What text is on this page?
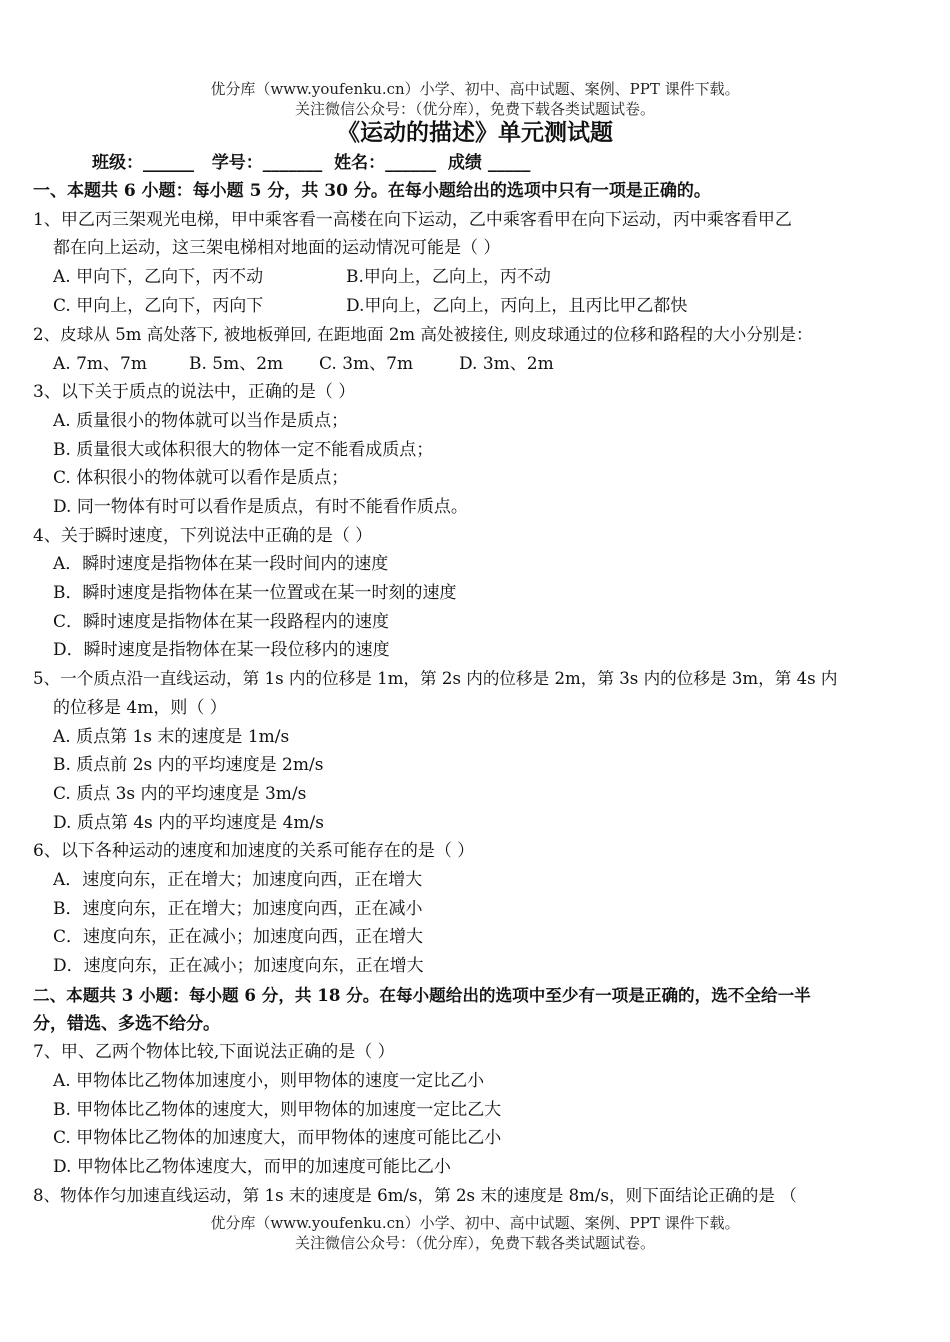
优分库（www.youfenku.cn）小学、初中、高中试题、案例、PPT 课件下载。
关注微信公众号：（优分库），免费下载各类试题试卷。
《运动的描述》单元测试题
班级：______   学号：_______  姓名：______  成绩 _____
一、本题共 6 小题：每小题 5 分，共 30 分。在每小题给出的选项中只有一项是正确的。
1、甲乙丙三架观光电梯，甲中乘客看一高楼在向下运动，乙中乘客看甲在向下运动，丙中乘客看甲乙
都在向上运动，这三架电梯相对地面的运动情况可能是（ ）
A. 甲向下，乙向下，丙不动	B.甲向上，乙向上，丙不动
C. 甲向上，乙向下，丙向下	D.甲向上，乙向上，丙向上，且丙比甲乙都快
2、皮球从 5m 高处落下, 被地板弹回, 在距地面 2m 高处被接住, 则皮球通过的位移和路程的大小分别是：
A. 7m、7m B. 5m、2m C. 3m、7m	D. 3m、2m
3、以下关于质点的说法中，正确的是（ ）
A. 质量很小的物体就可以当作是质点；
B. 质量很大或体积很大的物体一定不能看成质点；
C. 体积很小的物体就可以看作是质点；
D. 同一物体有时可以看作是质点，有时不能看作质点。
4、关于瞬时速度，下列说法中正确的是（ ）
A．瞬时速度是指物体在某一段时间内的速度
B．瞬时速度是指物体在某一位置或在某一时刻的速度
C．瞬时速度是指物体在某一段路程内的速度
D．瞬时速度是指物体在某一段位移内的速度
5、一个质点沿一直线运动，第 1s 内的位移是 1m，第 2s 内的位移是 2m，第 3s 内的位移是 3m，第 4s 内
的位移是 4m，则（ ）
A. 质点第 1s 末的速度是 1m/s
B. 质点前 2s 内的平均速度是 2m/s
C. 质点 3s 内的平均速度是 3m/s
D. 质点第 4s 内的平均速度是 4m/s
6、以下各种运动的速度和加速度的关系可能存在的是（ ）
A．速度向东，正在增大；加速度向西，正在增大
B．速度向东，正在增大；加速度向西，正在减小
C．速度向东，正在减小；加速度向西，正在增大
D．速度向东，正在减小；加速度向东，正在增大
二、本题共 3 小题：每小题 6 分，共 18 分。在每小题给出的选项中至少有一项是正确的，选不全给一半
分，错选、多选不给分。
7、甲、乙两个物体比较,下面说法正确的是（ ）
A. 甲物体比乙物体加速度小，则甲物体的速度一定比乙小
B. 甲物体比乙物体的速度大，则甲物体的加速度一定比乙大
C. 甲物体比乙物体的加速度大，而甲物体的速度可能比乙小
D. 甲物体比乙物体速度大，而甲的加速度可能比乙小
8、物体作匀加速直线运动，第 1s 末的速度是 6m/s，第 2s 末的速度是 8m/s，则下面结论正确的是 （
优分库（www.youfenku.cn）小学、初中、高中试题、案例、PPT 课件下载。
关注微信公众号：（优分库），免费下载各类试题试卷。
